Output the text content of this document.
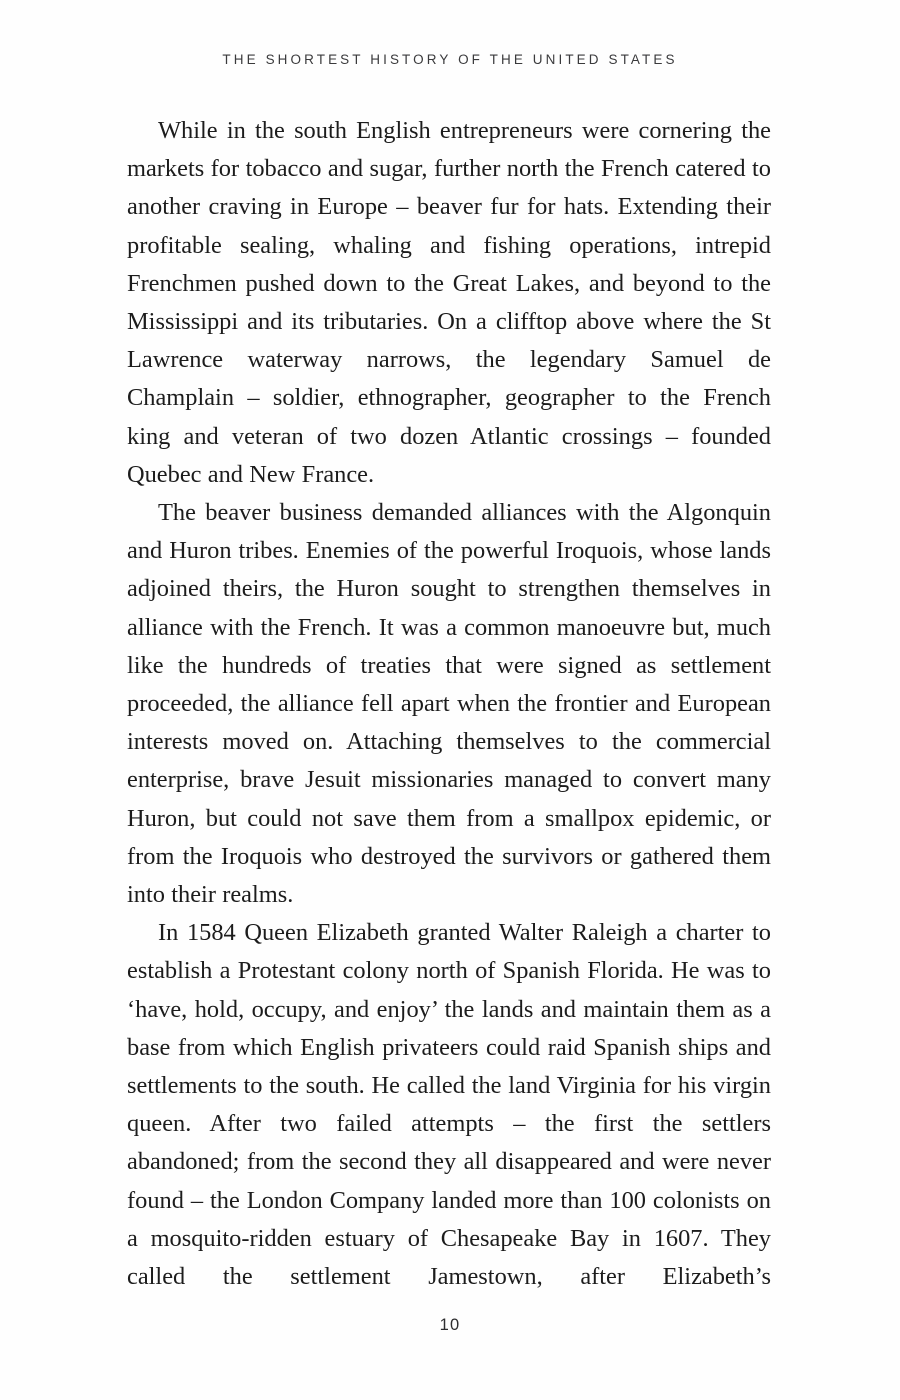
THE SHORTEST HISTORY OF THE UNITED STATES

While in the south English entrepreneurs were cornering the markets for tobacco and sugar, further north the French catered to another craving in Europe – beaver fur for hats. Extending their profitable sealing, whaling and fishing operations, intrepid Frenchmen pushed down to the Great Lakes, and beyond to the Mississippi and its tributaries. On a clifftop above where the St Lawrence waterway narrows, the legendary Samuel de Champlain – soldier, ethnographer, geographer to the French king and veteran of two dozen Atlantic crossings – founded Quebec and New France.

The beaver business demanded alliances with the Algonquin and Huron tribes. Enemies of the powerful Iroquois, whose lands adjoined theirs, the Huron sought to strengthen themselves in alliance with the French. It was a common manoeuvre but, much like the hundreds of treaties that were signed as settlement proceeded, the alliance fell apart when the frontier and European interests moved on. Attaching themselves to the commercial enterprise, brave Jesuit missionaries managed to convert many Huron, but could not save them from a smallpox epidemic, or from the Iroquois who destroyed the survivors or gathered them into their realms.

In 1584 Queen Elizabeth granted Walter Raleigh a charter to establish a Protestant colony north of Spanish Florida. He was to ‘have, hold, occupy, and enjoy’ the lands and maintain them as a base from which English privateers could raid Spanish ships and settlements to the south. He called the land Virginia for his virgin queen. After two failed attempts – the first the settlers abandoned; from the second they all disappeared and were never found – the London Company landed more than 100 colonists on a mosquito-ridden estuary of Chesapeake Bay in 1607. They called the settlement Jamestown, after Elizabeth’s

10
